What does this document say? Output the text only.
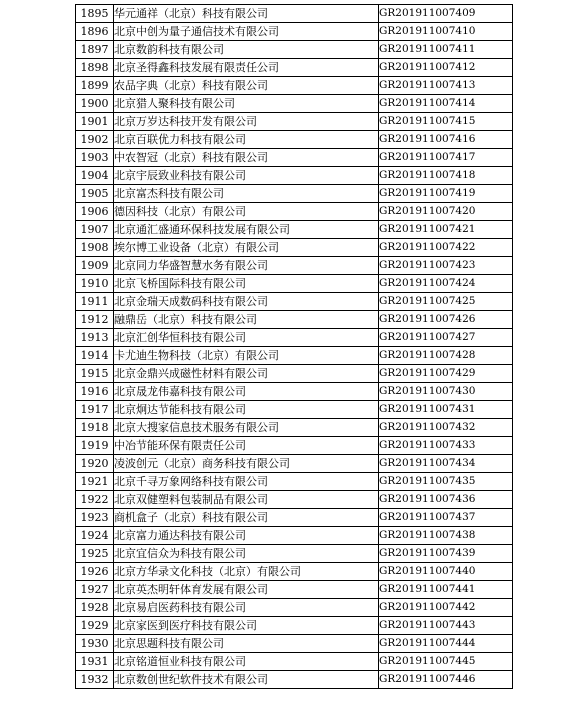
1895	华元通祥（北京）科技有限公司	GR201911007409
1896	北京中创为量子通信技术有限公司	GR201911007410
1897	北京数韵科技有限公司	GR201911007411
1898	北京圣得鑫科技发展有限责任公司	GR201911007412
1899	农品字典（北京）科技有限公司	GR201911007413
1900	北京猎人聚科技有限公司	GR201911007414
1901	北京万岁达科技开发有限公司	GR201911007415
1902	北京百联优力科技有限公司	GR201911007416
1903	中农智冠（北京）科技有限公司	GR201911007417
1904	北京宇辰致业科技有限公司	GR201911007418
1905	北京富杰科技有限公司	GR201911007419
1906	德因科技（北京）有限公司	GR201911007420
1907	北京通汇盛通环保科技发展有限公司	GR201911007421
1908	埃尔博工业设备（北京）有限公司	GR201911007422
1909	北京同力华盛智慧水务有限公司	GR201911007423
1910	北京飞桥国际科技有限公司	GR201911007424
1911	北京金瑞天成数码科技有限公司	GR201911007425
1912	融鼎岳（北京）科技有限公司	GR201911007426
1913	北京汇创华恒科技有限公司	GR201911007427
1914	卡尤迪生物科技（北京）有限公司	GR201911007428
1915	北京金鼎兴成磁性材料有限公司	GR201911007429
1916	北京晟龙伟嘉科技有限公司	GR201911007430
1917	北京炯达节能科技有限公司	GR201911007431
1918	北京大搜家信息技术服务有限公司	GR201911007432
1919	中冶节能环保有限责任公司	GR201911007433
1920	凌波创元（北京）商务科技有限公司	GR201911007434
1921	北京千寻万象网络科技有限公司	GR201911007435
1922	北京双健塑料包装制品有限公司	GR201911007436
1923	商机盒子（北京）科技有限公司	GR201911007437
1924	北京富力通达科技有限公司	GR201911007438
1925	北京宜信众为科技有限公司	GR201911007439
1926	北京方华录文化科技（北京）有限公司	GR201911007440
1927	北京英杰明轩体育发展有限公司	GR201911007441
1928	北京易启医药科技有限公司	GR201911007442
1929	北京家医到医疗科技有限公司	GR201911007443
1930	北京思题科技有限公司	GR201911007444
1931	北京铭道恒业科技有限公司	GR201911007445
1932	北京数创世纪软件技术有限公司	GR201911007446
